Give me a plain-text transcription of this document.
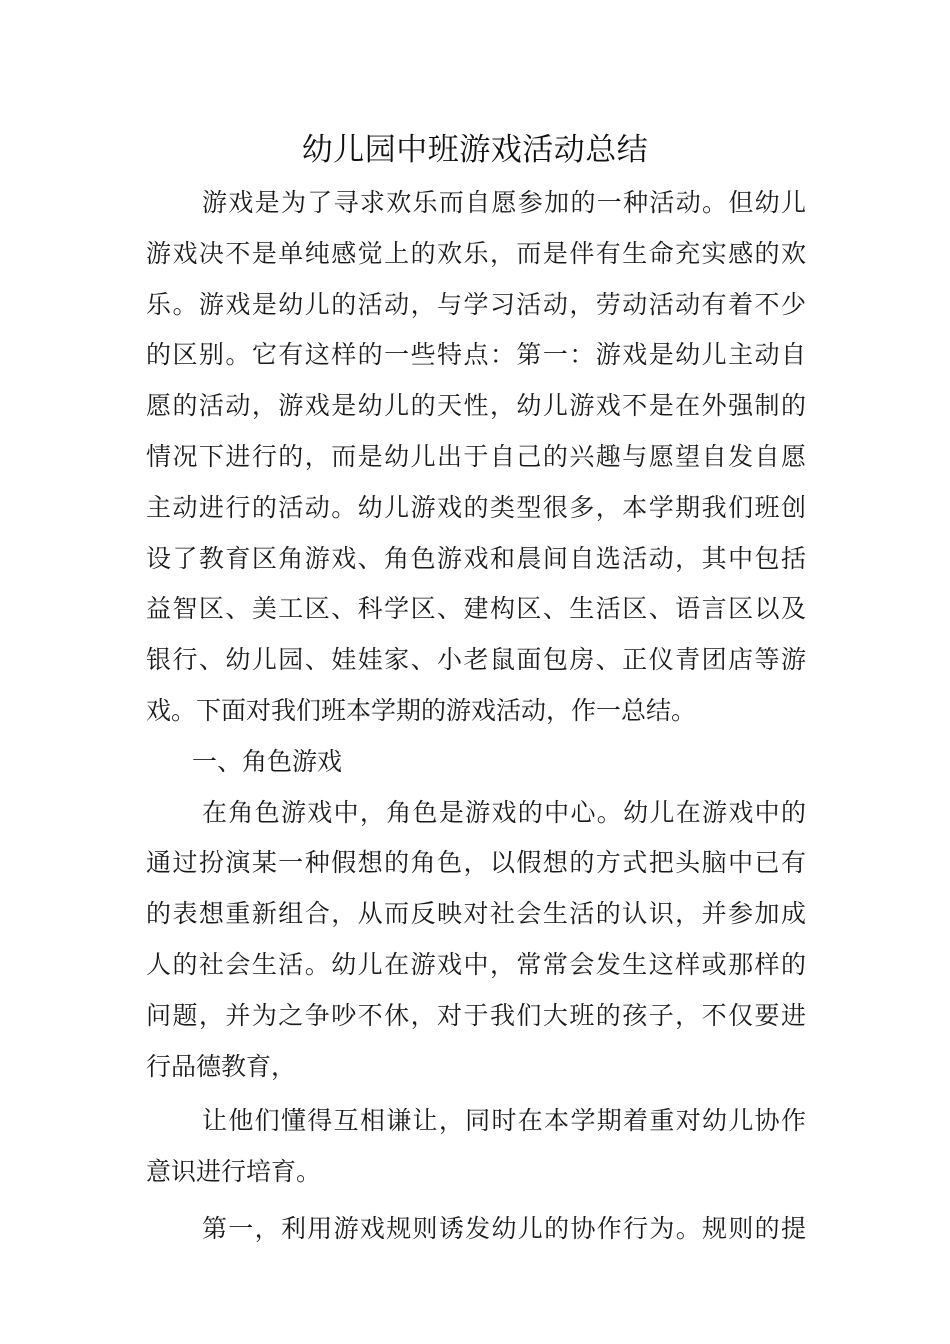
幼儿园中班游戏活动总结
游戏是为了寻求欢乐而自愿参加的一种活动。但幼儿
游戏决不是单纯感觉上的欢乐，而是伴有生命充实感的欢
乐。游戏是幼儿的活动，与学习活动，劳动活动有着不少
的区别。它有这样的一些特点：第一：游戏是幼儿主动自
愿的活动，游戏是幼儿的天性，幼儿游戏不是在外强制的
情况下进行的，而是幼儿出于自己的兴趣与愿望自发自愿
主动进行的活动。幼儿游戏的类型很多，本学期我们班创
设了教育区角游戏、角色游戏和晨间自选活动，其中包括
益智区、美工区、科学区、建构区、生活区、语言区以及
银行、幼儿园、娃娃家、小老鼠面包房、正仪青团店等游
戏。下面对我们班本学期的游戏活动，作一总结。
一、角色游戏
在角色游戏中，角色是游戏的中心。幼儿在游戏中的
通过扮演某一种假想的角色，以假想的方式把头脑中已有
的表想重新组合，从而反映对社会生活的认识，并参加成
人的社会生活。幼儿在游戏中，常常会发生这样或那样的
问题，并为之争吵不休，对于我们大班的孩子，不仅要进
行品德教育，
让他们懂得互相谦让，同时在本学期着重对幼儿协作
意识进行培育。
第一，利用游戏规则诱发幼儿的协作行为。规则的提
